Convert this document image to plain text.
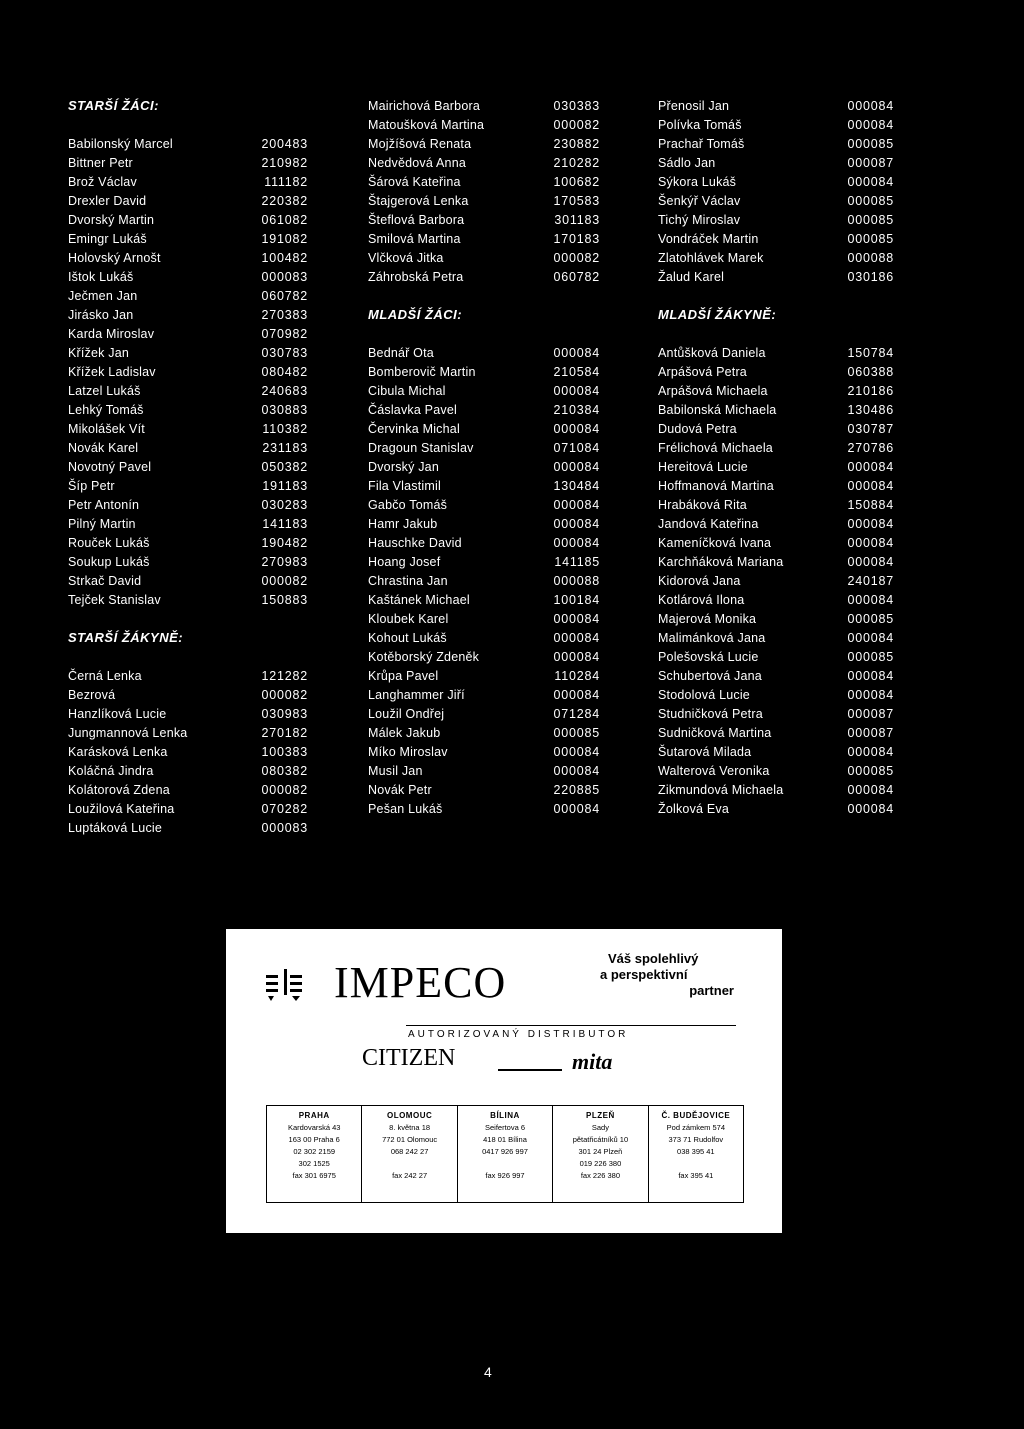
STARŠÍ ŽÁCI:
Babilonský Marcel	200483
Bittner Petr	210982
Brož Václav	111182
Drexler David	220382
Dvorský Martin	061082
Emingr Lukáš	191082
Holovský Arnošt	100482
Ištok Lukáš	000083
Ječmen Jan	060782
Jirásko Jan	270383
Karda Miroslav	070982
Křížek Jan	030783
Křížek Ladislav	080482
Latzel Lukáš	240683
Lehký Tomáš	030883
Mikolášek Vít	110382
Novák Karel	231183
Novotný Pavel	050382
Šíp Petr	191183
Petr Antonín	030283
Pilný Martin	141183
Rouček Lukáš	190482
Soukup Lukáš	270983
Strkač David	000082
Tejček Stanislav	150883
STARŠÍ ŽÁKYNĚ:
Černá Lenka	121282
Bezrová	000082
Hanzlíková Lucie	030983
Jungmannová Lenka	270182
Karásková Lenka	100383
Koláčná Jindra	080382
Kolátorová Zdena	000082
Loužilová Kateřina	070282
Luptáková Lucie	000083
Mairichová Barbora	030383
Matoušková Martina	000082
Mojžíšová Renata	230882
Nedvědová Anna	210282
Šárová Kateřina	100682
Štajgerová Lenka	170583
Šteflová Barbora	301183
Smilová Martina	170183
Vlčková Jitka	000082
Záhrobská Petra	060782
MLADŠÍ ŽÁCI:
Bednář Ota	000084
Bomberovič Martin	210584
Cibula Michal	000084
Čáslavka Pavel	210384
Červinka Michal	000084
Dragoun Stanislav	071084
Dvorský Jan	000084
Fila Vlastimil	130484
Gabčo Tomáš	000084
Hamr Jakub	000084
Hauschke David	000084
Hoang Josef	141185
Chrastina Jan	000088
Kaštánek Michael	100184
Kloubek Karel	000084
Kohout Lukáš	000084
Kotěborský Zdeněk	000084
Krůpa Pavel	110284
Langhammer Jiří	000084
Loužil Ondřej	071284
Málek Jakub	000085
Míko Miroslav	000084
Musil Jan	000084
Novák Petr	220885
Pešan Lukáš	000084
Přenosil Jan	000084
Polívka Tomáš	000084
Prachař Tomáš	000085
Sádlo Jan	000087
Sýkora Lukáš	000084
Šenkýř Václav	000085
Tichý Miroslav	000085
Vondráček Martin	000085
Zlatohlávek Marek	000088
Žalud Karel	030186
MLADŠÍ ŽÁKYNĚ:
Antůšková Daniela	150784
Arpášová Petra	060388
Arpášová Michaela	210186
Babilonská Michaela	130486
Dudová Petra	030787
Frélichová Michaela	270786
Hereitová Lucie	000084
Hoffmanová Martina	000084
Hrabáková Rita	150884
Jandová Kateřina	000084
Kameníčková Ivana	000084
Karchňáková Mariana	000084
Kidorová Jana	240187
Kotlárová Ilona	000084
Majerová Monika	000085
Malimánková Jana	000084
Polešovská Lucie	000085
Schubertová Jana	000084
Stodolová Lucie	000084
Studničková Petra	000087
Sudničková Martina	000087
Šutarová Milada	000084
Walterová Veronika	000085
Zikmundová Michaela	000084
Žolková Eva	000084
IMPECO	Váš spolehlivý
a perspektivní
partner
AUTORIZOVANÝ DISTRIBUTOR
CITIZEN	mita
PRAHA
Kardovarská 43
163 00 Praha 6
02 302 2159
302 1525
fax 301 6975
OLOMOUC
8. května 18
772 01 Olomouc
068 242 27

fax 242 27
BÍLINA
Seifertova 6
418 01 Bílina
0417 926 997

fax 926 997
PLZEŇ
Sady
pětatřicátníků 10
301 24 Plzeň
019 226 380
fax 226 380
Č. BUDĚJOVICE
Pod zámkem 574
373 71 Rudolfov
038 395 41

fax 395 41
4
